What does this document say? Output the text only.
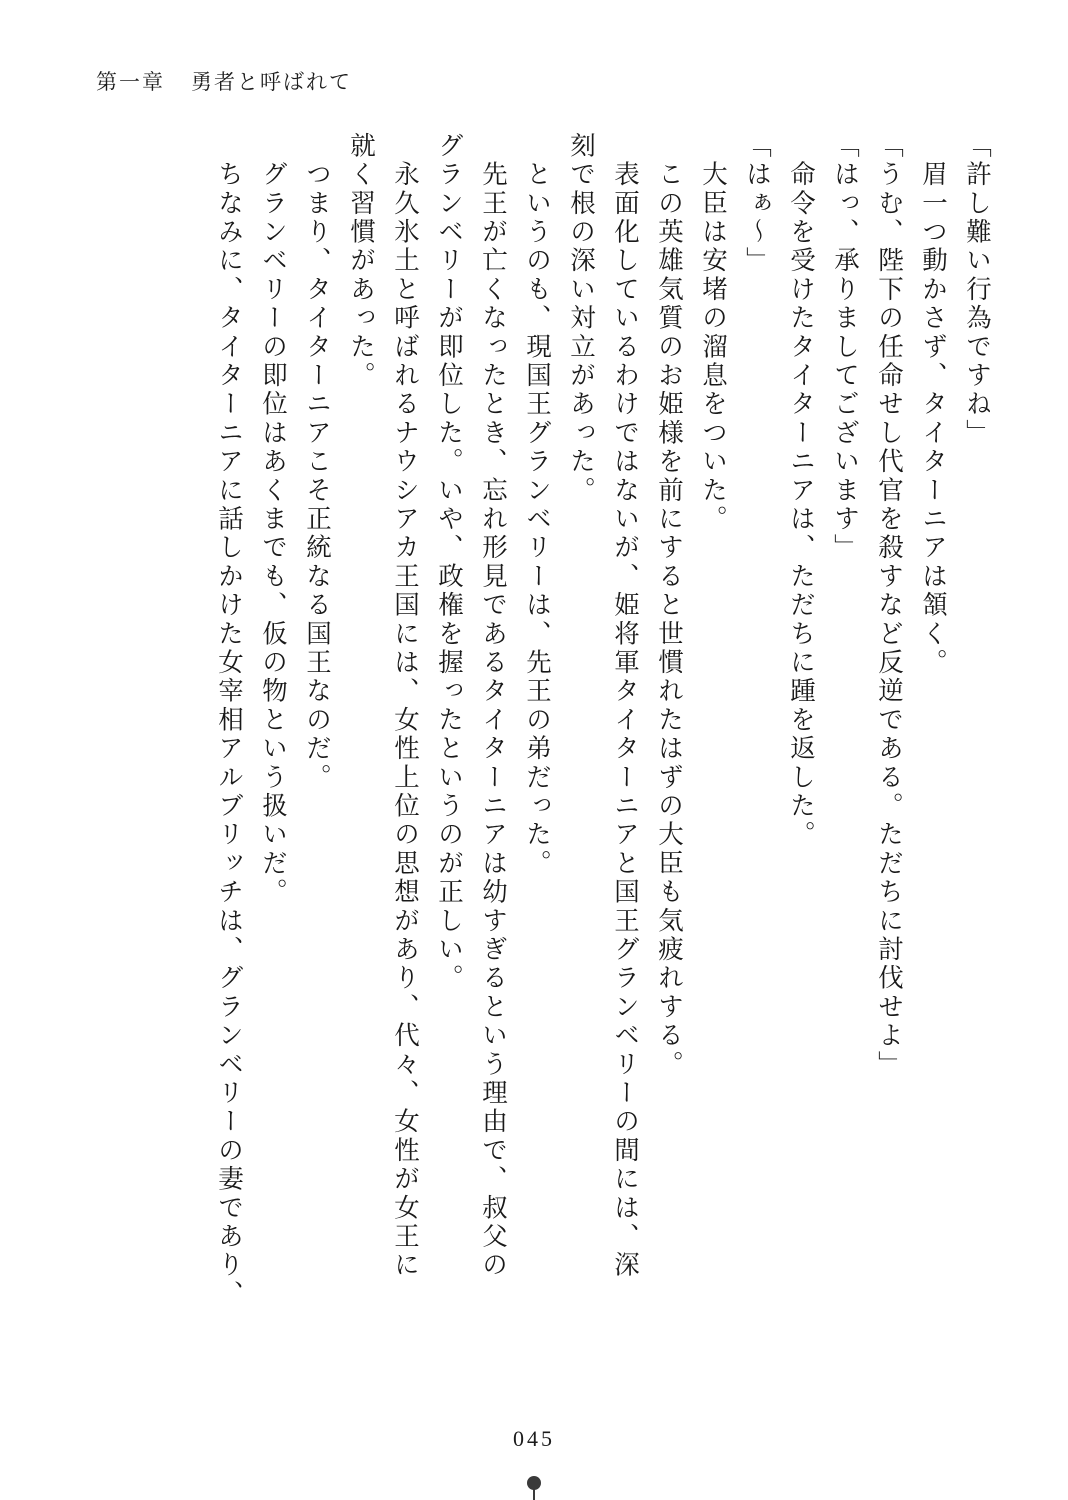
第一章 勇者と呼ばれて
「許し難い行為ですね」
　眉一つ動かさず、タイターニアは頷く。
「うむ、陛下の任命せし代官を殺すなど反逆である。ただちに討伐せよ」
「はっ、承りましてございます」
　命令を受けたタイターニアは、ただちに踵を返した。
「はぁ～」
　大臣は安堵の溜息をついた。
　この英雄気質のお姫様を前にすると世慣れたはずの大臣も気疲れする。
　表面化しているわけではないが、姫将軍タイターニアと国王グランベリーの間には、深
刻で根の深い対立があった。
　というのも、現国王グランベリーは、先王の弟だった。
　先王が亡くなったとき、忘れ形見であるタイターニアは幼すぎるという理由で、叔父の
グランベリーが即位した。いや、政権を握ったというのが正しい。
　永久氷土と呼ばれるナウシアカ王国には、女性上位の思想があり、代々、女性が女王に
就く習慣があった。
　つまり、タイターニアこそ正統なる国王なのだ。
　グランベリーの即位はあくまでも、仮の物という扱いだ。
　ちなみに、タイターニアに話しかけた女宰相アルブリッチは、グランベリーの妻であり、
045
